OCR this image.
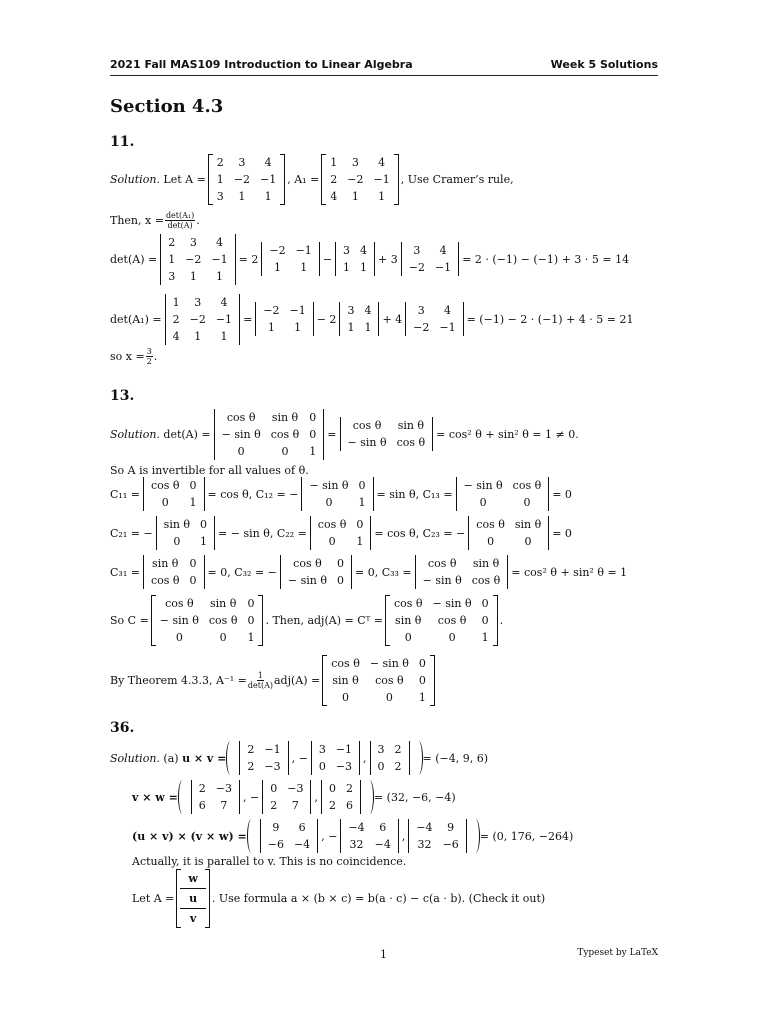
2021 Fall MAS109 Introduction to Linear Algebra	Week 5 Solutions
Section 4.3
11.
Solution.
Let A =
2	3	4
1	−2	−1
3	1	1
, A₁ =
1	3	4
2	−2	−1
4	1	1
, Use Cramer’s rule,
Then, $x = \frac{\text{det(A₁)}}{\det(A)}$ .
det(A) =
2	3	4
1	−2	−1
3	1	1
= 2
−2	−1
1	1
−
3	4
1	1
+ 3
3	4
−2	−1
= 2 · (−1) − (−1) + 3 · 5 = 14
det(A₁) =
1	3	4
2	−2	−1
4	1	1
=
−2	−1
1	1
− 2
3	4
1	1
+ 4
3	4
−2	−1
= (−1) − 2 · (−1) + 4 · 5 = 21
so $x = \frac{3}{2}$ .
13.
Solution.
det(A) =
cos θ	sin θ	0
− sin θ	cos θ	0
0	0	1
=
cos θ	sin θ
− sin θ	cos θ
= cos² θ + sin² θ = 1 ≠ 0.
So A is invertible for all values of θ.
C₁₁ =
cos θ	0
0	1
= cos θ, C₁₂ = −
− sin θ	0
0	1
= sin θ, C₁₃ =
− sin θ	cos θ
0	0
= 0
C₂₁ = −
sin θ	0
0	1
= − sin θ, C₂₂ =
cos θ	0
0	1
= cos θ, C₂₃ = −
cos θ	sin θ
0	0
= 0
C₃₁ =
sin θ	0
cos θ	0
= 0, C₃₂ = −
cos θ	0
− sin θ	0
= 0, C₃₃ =
cos θ	sin θ
− sin θ	cos θ
= cos² θ + sin² θ = 1
So C =
cos θ	sin θ	0
− sin θ	cos θ	0
0	0	1
. Then, adj(A) = Cᵀ =
cos θ	− sin θ	0
sin θ	cos θ	0
0	0	1
.
By Theorem 4.3.3, $A^{-1} = \frac{1}{\det(A)} adj(A)$ =
cos θ	− sin θ	0
sin θ	cos θ	0
0	0	1
36.
Solution.
(a)
u × v =
2	−1
2	−3
,
−
3	−1
0	−3
,
3	2
0	2
= (−4, 9, 6)
v × w =
2	−3
6	7
,
−
0	−3
2	7
,
0	2
2	6
= (32, −6, −4)
(u × v) × (v × w) =
9	6
−6	−4
,
−
−4	6
32	−4
,
−4	9
32	−6
= (0, 176, −264)
Actually, it is parallel to v. This is no coincidence.
Let A =
w
u
v
. Use formula a × (b × c) = b(a · c) − c(a · b). (Check it out)
1	Typeset by LaTeX
